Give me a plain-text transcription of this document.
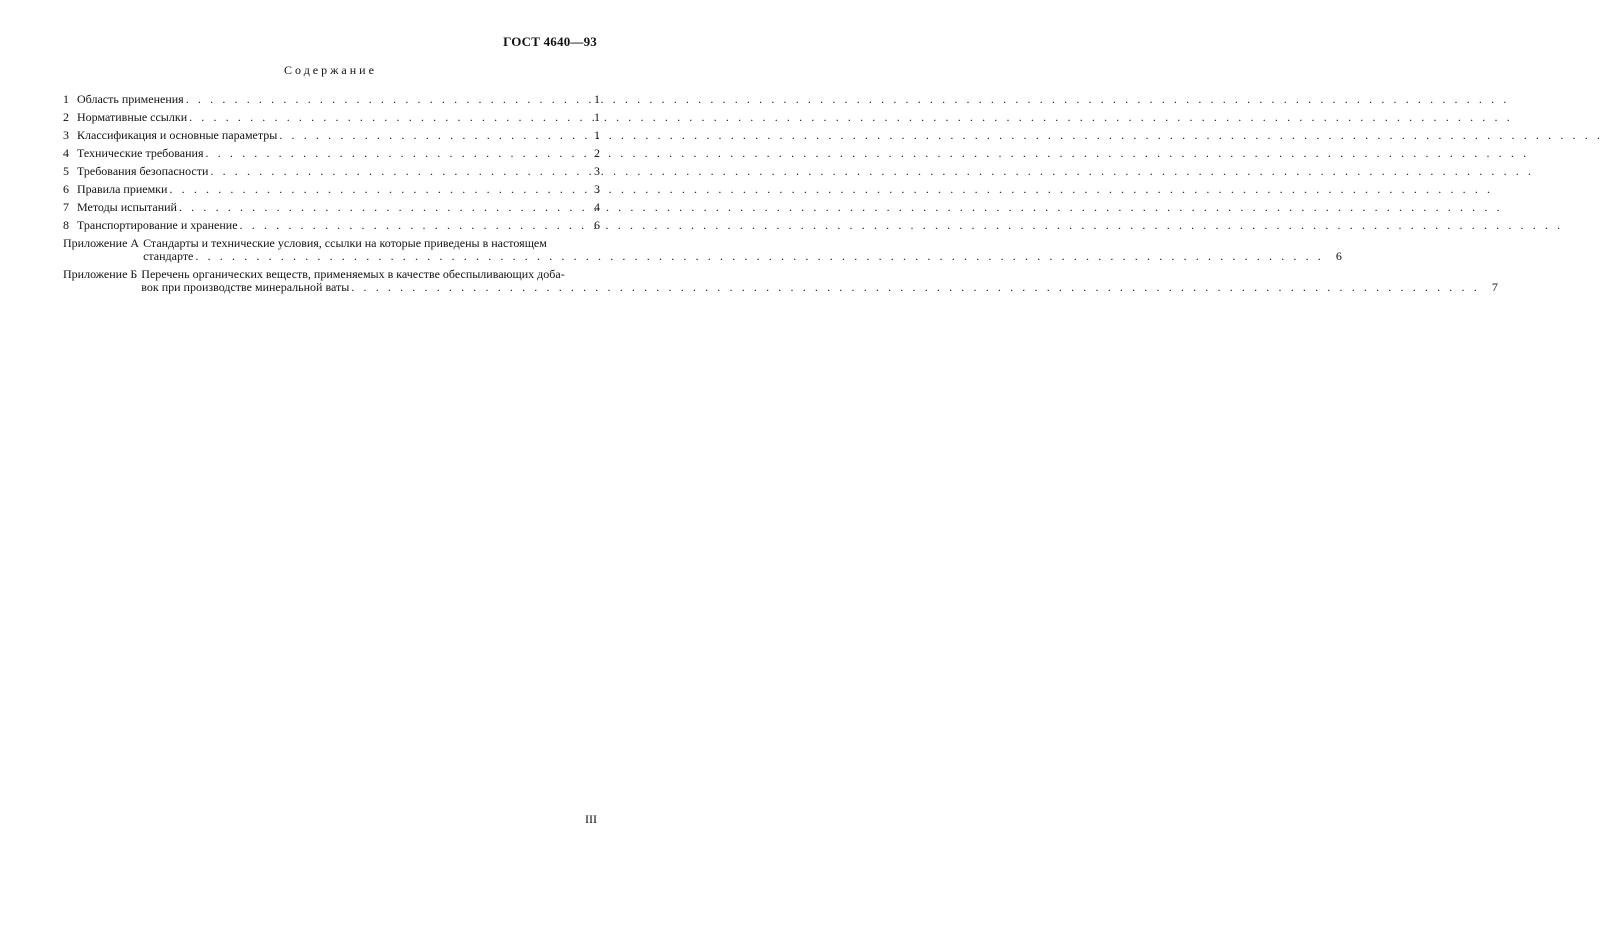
ГОСТ 4640—93
Содержание
1 Область применения . . .	1
2 Нормативные ссылки . . .	1
3 Классификация и основные параметры . . .	1
4 Технические требования . . .	2
5 Требования безопасности . . .	3
6 Правила приемки . . .	3
7 Методы испытаний . . .	4
8 Транспортирование и хранение . . .	6
Приложение А Стандарты и технические условия, ссылки на которые приведены в настоящем
стандарте . . .	6
Приложение Б Перечень органических веществ, применяемых в качестве обеспыливающих доба-
вок при производстве минеральной ваты . . .	7
III
